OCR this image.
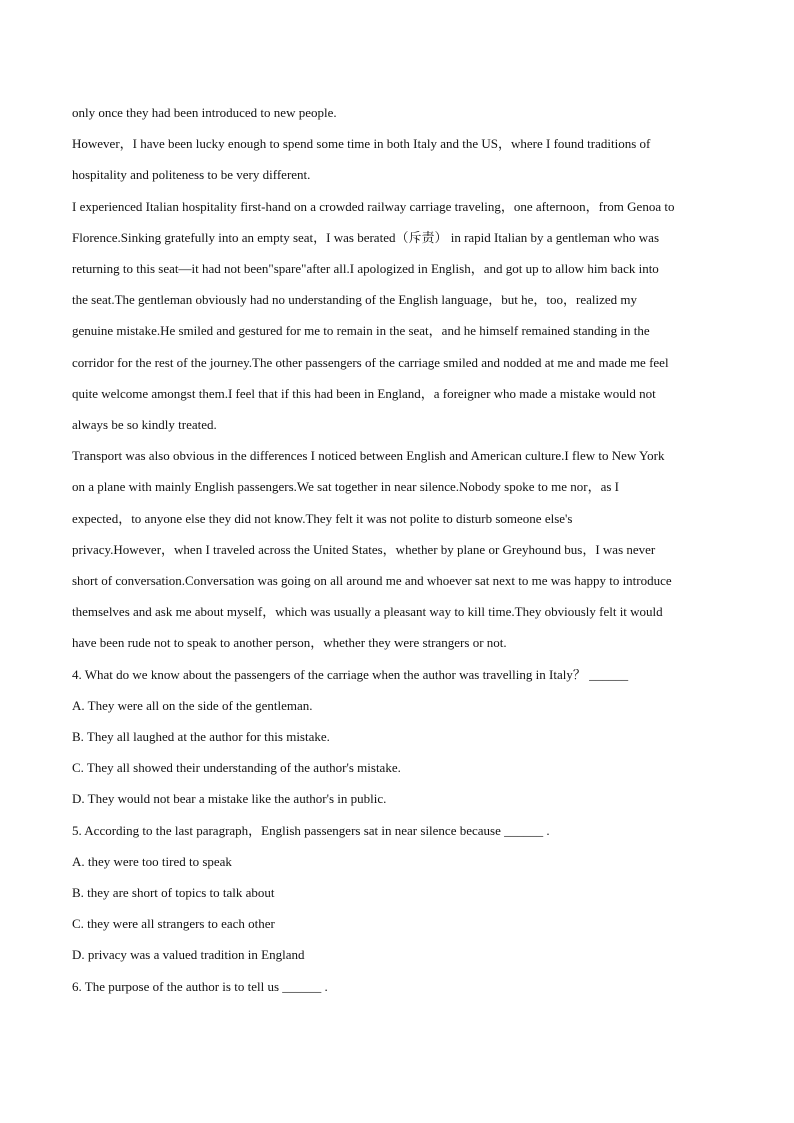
only once they had been introduced to new people.

However，I have been lucky enough to spend some time in both Italy and the US，where I found traditions of
hospitality and politeness to be very different.

I experienced Italian hospitality first-hand on a crowded railway carriage traveling，one afternoon，from Genoa to
Florence.Sinking gratefully into an empty seat，I was berated（斥责） in rapid Italian by a gentleman who was
returning to this seat—it had not been"spare"after all.I apologized in English，and got up to allow him back into
the seat.The gentleman obviously had no understanding of the English language，but he，too，realized my
genuine mistake.He smiled and gestured for me to remain in the seat，and he himself remained standing in the
corridor for the rest of the journey.The other passengers of the carriage smiled and nodded at me and made me feel
quite welcome amongst them.I feel that if this had been in England，a foreigner who made a mistake would not
always be so kindly treated.

Transport was also obvious in the differences I noticed between English and American culture.I flew to New York
on a plane with mainly English passengers.We sat together in near silence.Nobody spoke to me nor，as I
expected，to anyone else they did not know.They felt it was not polite to disturb someone else's
privacy.However，when I traveled across the United States，whether by plane or Greyhound bus，I was never
short of conversation.Conversation was going on all around me and whoever sat next to me was happy to introduce
themselves and ask me about myself，which was usually a pleasant way to kill time.They obviously felt it would
have been rude not to speak to another person，whether they were strangers or not.

4. What do we know about the passengers of the carriage when the author was travelling in Italy？ ______

A. They were all on the side of the gentleman.

B. They all laughed at the author for this mistake.

C. They all showed their understanding of the author's mistake.

D. They would not bear a mistake like the author's in public.

5. According to the last paragraph，English passengers sat in near silence because ______ .

A. they were too tired to speak

B. they are short of topics to talk about

C. they were all strangers to each other

D. privacy was a valued tradition in England

6. The purpose of the author is to tell us ______ .
